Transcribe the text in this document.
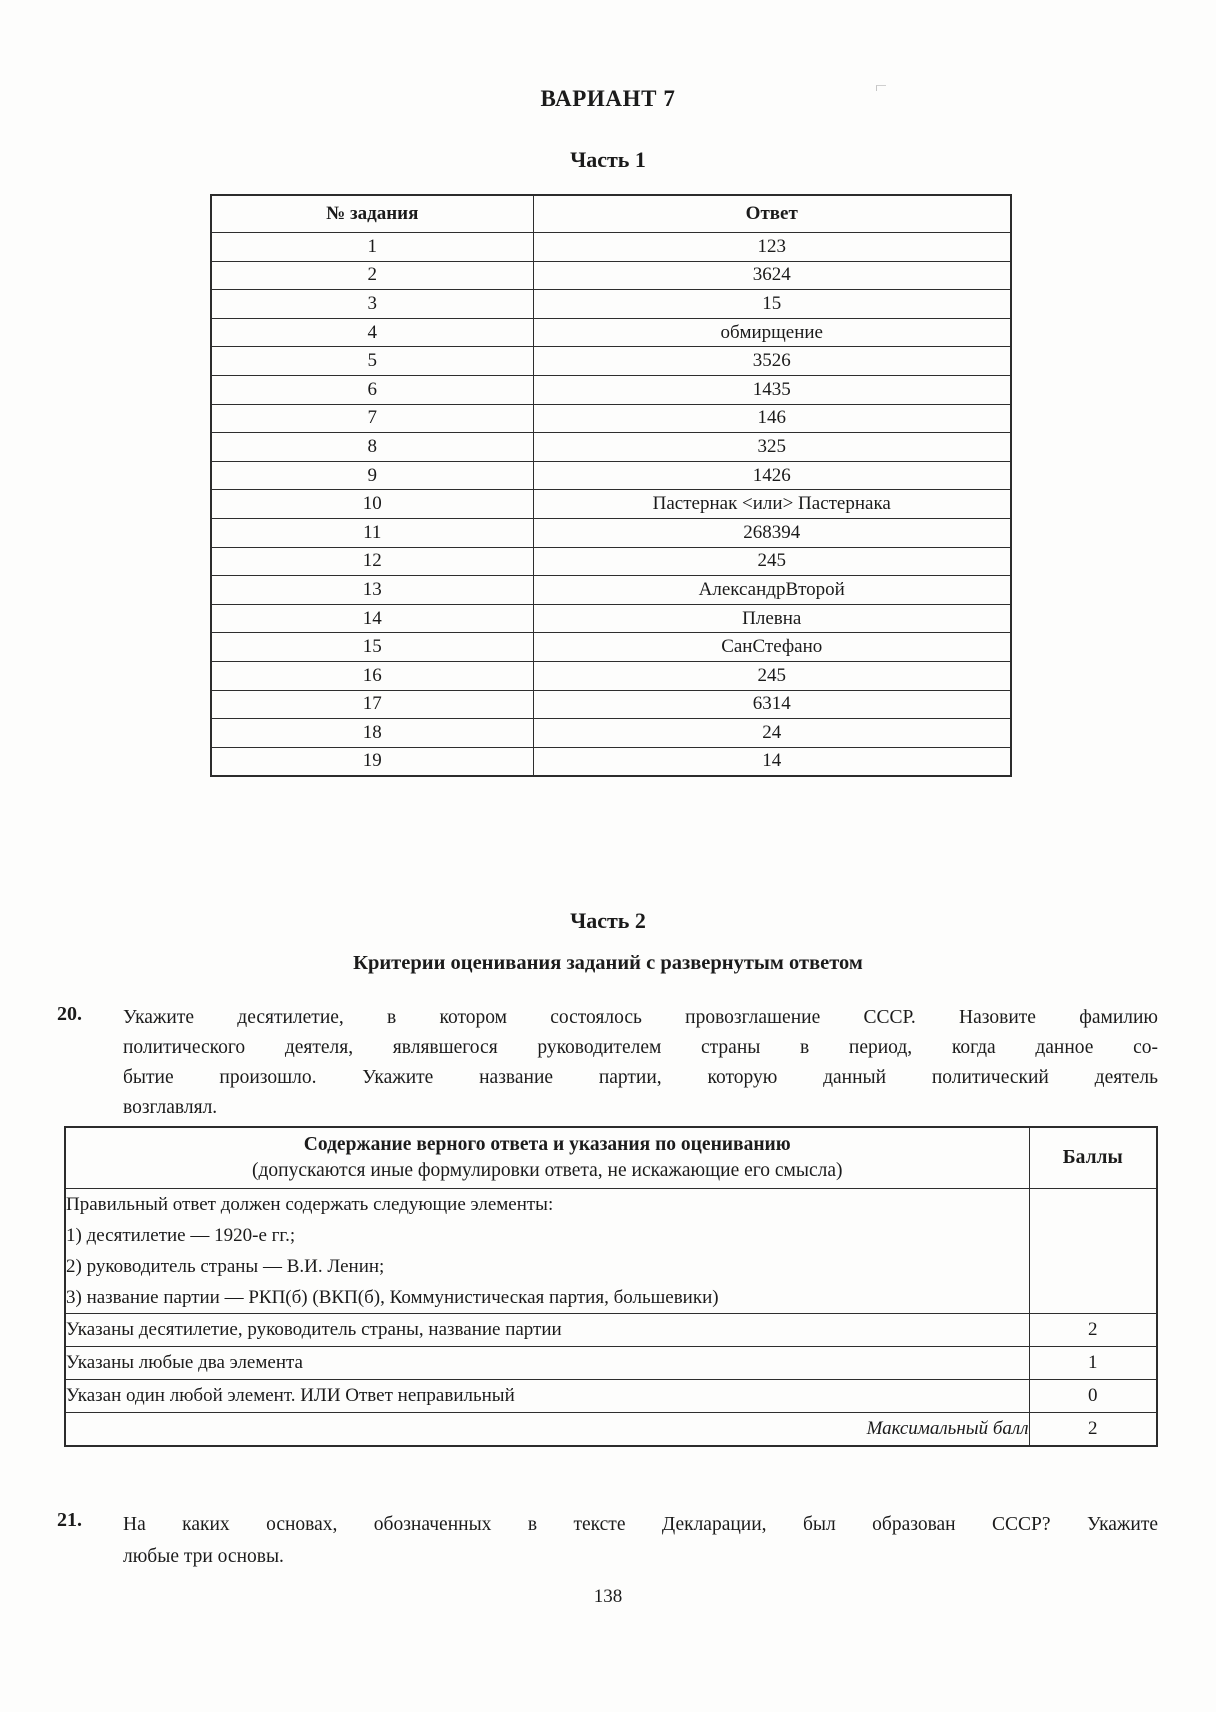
ВАРИАНТ 7
Часть 1
№ задания	Ответ
1	123
2	3624
3	15
4	обмирщение
5	3526
6	1435
7	146
8	325
9	1426
10	Пастернак <или> Пастернака
11	268394
12	245
13	АлександрВторой
14	Плевна
15	СанСтефано
16	245
17	6314
18	24
19	14
Часть 2
Критерии оценивания заданий с развернутым ответом
20. Укажите десятилетие, в котором состоялось провозглашение СССР. Назовите фамилию
политического деятеля, являвшегося руководителем страны в период, когда данное со-
бытие произошло. Укажите название партии, которую данный политический деятель
возглавлял.
Содержание верного ответа и указания по оцениванию
(допускаются иные формулировки ответа, не искажающие его смысла)	Баллы

Правильный ответ должен содержать следующие элементы:
1) десятилетие — 1920-е гг.;
2) руководитель страны — В.И. Ленин;
3) название партии — РКП(б) (ВКП(б), Коммунистическая партия, большевики)	

Указаны десятилетие, руководитель страны, название партии	2
Указаны любые два элемента	1
Указан один любой элемент. ИЛИ Ответ неправильный	0
Максимальный балл	2
21. На каких основах, обозначенных в тексте Декларации, был образован СССР? Укажите
любые три основы.
138
